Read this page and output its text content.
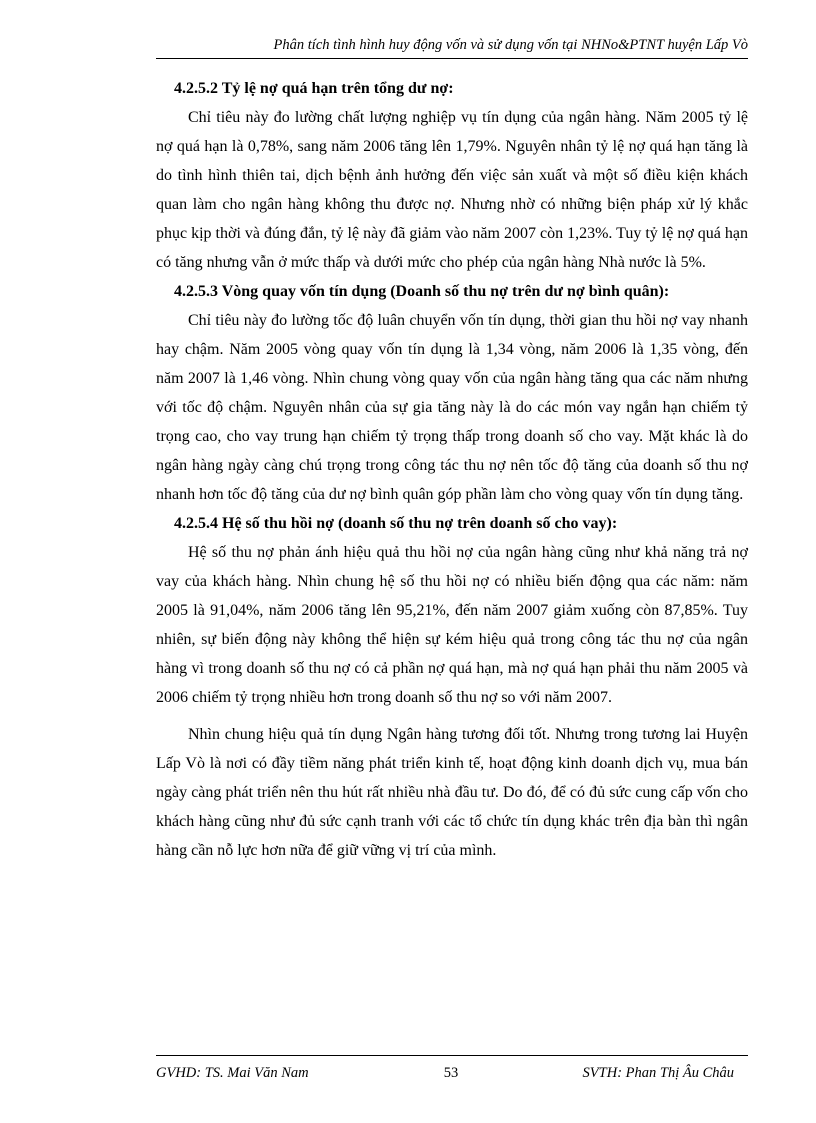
Phân tích tình hình huy động vốn và sử dụng vốn tại NHNo&PTNT huyện Lấp Vò

4.2.5.2 Tỷ lệ nợ quá hạn trên tổng dư nợ:

Chỉ tiêu này đo lường chất lượng nghiệp vụ tín dụng của ngân hàng. Năm 2005 tỷ lệ nợ quá hạn là 0,78%, sang năm 2006 tăng lên 1,79%. Nguyên nhân tỷ lệ nợ quá hạn tăng là do tình hình thiên tai, dịch bệnh ảnh hưởng đến việc sản xuất và một số điều kiện khách quan làm cho ngân hàng không thu được nợ. Nhưng nhờ có những biện pháp xử lý khắc phục kịp thời và đúng đắn, tỷ lệ này đã giảm vào năm 2007 còn 1,23%. Tuy tỷ lệ nợ quá hạn có tăng nhưng vẫn ở mức thấp và dưới mức cho phép của ngân hàng Nhà nước là 5%.

4.2.5.3 Vòng quay vốn tín dụng (Doanh số thu nợ trên dư nợ bình quân):

Chỉ tiêu này đo lường tốc độ luân chuyển vốn tín dụng, thời gian thu hồi nợ vay nhanh hay chậm. Năm 2005 vòng quay vốn tín dụng là 1,34 vòng, năm 2006 là 1,35 vòng, đến năm 2007 là 1,46 vòng. Nhìn chung vòng quay vốn của ngân hàng tăng qua các năm nhưng với tốc độ chậm. Nguyên nhân của sự gia tăng này là do các món vay ngắn hạn chiếm tỷ trọng cao, cho vay trung hạn chiếm tỷ trọng thấp trong doanh số cho vay. Mặt khác là do ngân hàng ngày càng chú trọng trong công tác thu nợ nên tốc độ tăng của doanh số thu nợ nhanh hơn tốc độ tăng của dư nợ bình quân góp phần làm cho vòng quay vốn tín dụng tăng.

4.2.5.4 Hệ số thu hồi nợ (doanh số thu nợ trên doanh số cho vay):

Hệ số thu nợ phản ánh hiệu quả thu hồi nợ của ngân hàng cũng như khả năng trả nợ vay của khách hàng. Nhìn chung hệ số thu hồi nợ có nhiều biến động qua các năm: năm 2005 là 91,04%, năm 2006 tăng lên 95,21%, đến năm 2007 giảm xuống còn 87,85%. Tuy nhiên, sự biến động này không thể hiện sự kém hiệu quả trong công tác thu nợ của ngân hàng vì trong doanh số thu nợ có cả phần nợ quá hạn, mà nợ quá hạn phải thu năm 2005 và 2006 chiếm tỷ trọng nhiều hơn trong doanh số thu nợ so với năm 2007.

Nhìn chung hiệu quả tín dụng Ngân hàng tương đối tốt. Nhưng trong tương lai Huyện Lấp Vò là nơi có đầy tiềm năng phát triển kinh tế, hoạt động kinh doanh dịch vụ, mua bán ngày càng phát triển nên thu hút rất nhiều nhà đầu tư. Do đó, để có đủ sức cung cấp vốn cho khách hàng cũng như đủ sức cạnh tranh với các tổ chức tín dụng khác trên địa bàn thì ngân hàng cần nỗ lực hơn nữa để giữ vững vị trí của mình.

GVHD: TS. Mai Văn Nam	53	SVTH: Phan Thị Âu Châu
